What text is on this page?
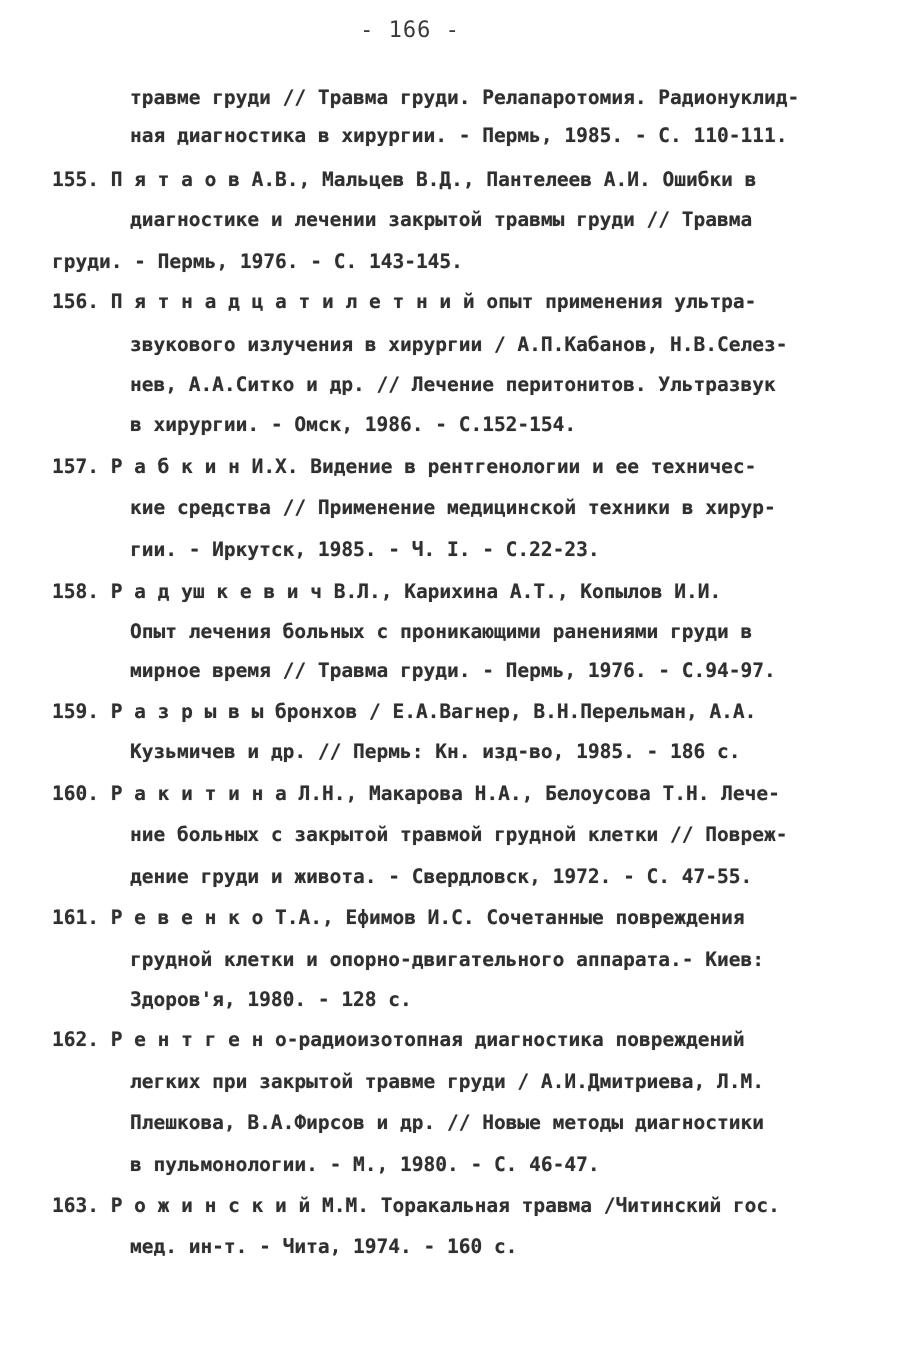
- 166 -
травме груди // Травма груди. Релапаротомия. Радионуклид-
ная диагностика в хирургии. - Пермь, 1985. - С. 110-111.
155. П я т а о в А.В., Мальцев В.Д., Пантелеев А.И. Ошибки в
диагностике и лечении закрытой травмы груди // Травма
груди. - Пермь, 1976. - С. 143-145.
156. П я т н а д ц а т и л е т н и й опыт применения ультра-
звукового излучения в хирургии / А.П.Кабанов, Н.В.Селез-
нев, А.А.Ситко и др. // Лечение перитонитов. Ультразвук
в хирургии. - Омск, 1986. - С.152-154.
157. Р а б к и н И.Х. Видение в рентгенологии и ее техничес-
кие средства // Применение медицинской техники в хирур-
гии. - Иркутск, 1985. - Ч. I. - С.22-23.
158. Р а д уш к е в и ч В.Л., Карихина А.Т., Копылов И.И.
Опыт лечения больных с проникающими ранениями груди в
мирное время // Травма груди. - Пермь, 1976. - С.94-97.
159. Р а з р ы в ы бронхов / Е.А.Вагнер, В.Н.Перельман, А.А.
Кузьмичев и др. // Пермь: Кн. изд-во, 1985. - 186 с.
160. Р а к и т и н а Л.Н., Макарова Н.А., Белоусова Т.Н. Лече-
ние больных с закрытой травмой грудной клетки // Повреж-
дение груди и живота. - Свердловск, 1972. - С. 47-55.
161. Р е в е н к о Т.А., Ефимов И.С. Сочетанные повреждения
грудной клетки и опорно-двигательного аппарата.- Киев:
Здоров'я, 1980. - 128 с.
162. Р е н т г е н о-радиоизотопная диагностика повреждений
легких при закрытой травме груди / А.И.Дмитриева, Л.М.
Плешкова, В.А.Фирсов и др. // Новые методы диагностики
в пульмонологии. - М., 1980. - С. 46-47.
163. Р о ж и н с к и й М.М. Торакальная травма /Читинский гос.
мед. ин-т. - Чита, 1974. - 160 с.
